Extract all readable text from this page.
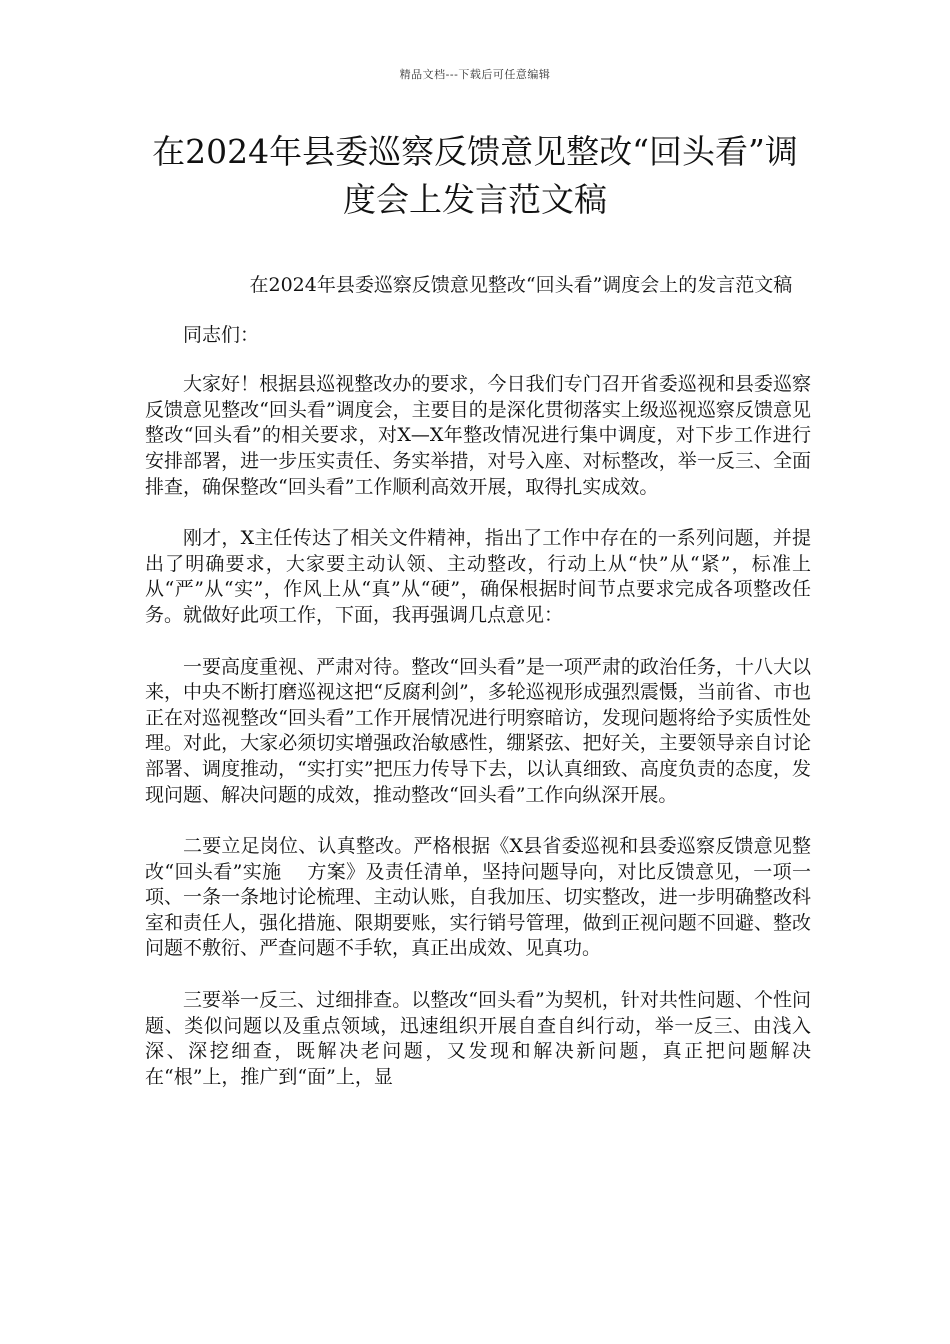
精品文档---下载后可任意编辑
在2024年县委巡察反馈意见整改“回头看”调度会上发言范文稿

在2024年县委巡察反馈意见整改“回头看”调度会上的发言范文稿

同志们：

大家好！根据县巡视整改办的要求，今日我们专门召开省委巡视和县委巡察反馈意见整改“回头看”调度会，主要目的是深化贯彻落实上级巡视巡察反馈意见整改“回头看”的相关要求，对X—X年整改情况进行集中调度，对下步工作进行安排部署，进一步压实责任、务实举措，对号入座、对标整改，举一反三、全面排查，确保整改“回头看”工作顺利高效开展，取得扎实成效。

刚才，X主任传达了相关文件精神，指出了工作中存在的一系列问题，并提出了明确要求，大家要主动认领、主动整改，行动上从“快”从“紧”，标准上从“严”从“实”，作风上从“真”从“硬”，确保根据时间节点要求完成各项整改任务。就做好此项工作，下面，我再强调几点意见：

一要高度重视、严肃对待。整改“回头看”是一项严肃的政治任务，十八大以来，中央不断打磨巡视这把“反腐利剑”，多轮巡视形成强烈震慑，当前省、市也正在对巡视整改“回头看”工作开展情况进行明察暗访，发现问题将给予实质性处理。对此，大家必须切实增强政治敏感性，绷紧弦、把好关，主要领导亲自讨论部署、调度推动，“实打实”把压力传导下去，以认真细致、高度负责的态度，发现问题、解决问题的成效，推动整改“回头看”工作向纵深开展。

二要立足岗位、认真整改。严格根据《X县省委巡视和县委巡察反馈意见整改“回头看”实施　 方案》及责任清单，坚持问题导向，对比反馈意见，一项一项、一条一条地讨论梳理、主动认账，自我加压、切实整改，进一步明确整改科室和责任人，强化措施、限期要账，实行销号管理，做到正视问题不回避、整改问题不敷衍、严查问题不手软，真正出成效、见真功。

三要举一反三、过细排查。以整改“回头看”为契机，针对共性问题、个性问题、类似问题以及重点领域，迅速组织开展自查自纠行动，举一反三、由浅入深、深挖细查，既解决老问题，又发现和解决新问题，真正把问题解决在“根”上，推广到“面”上，显
